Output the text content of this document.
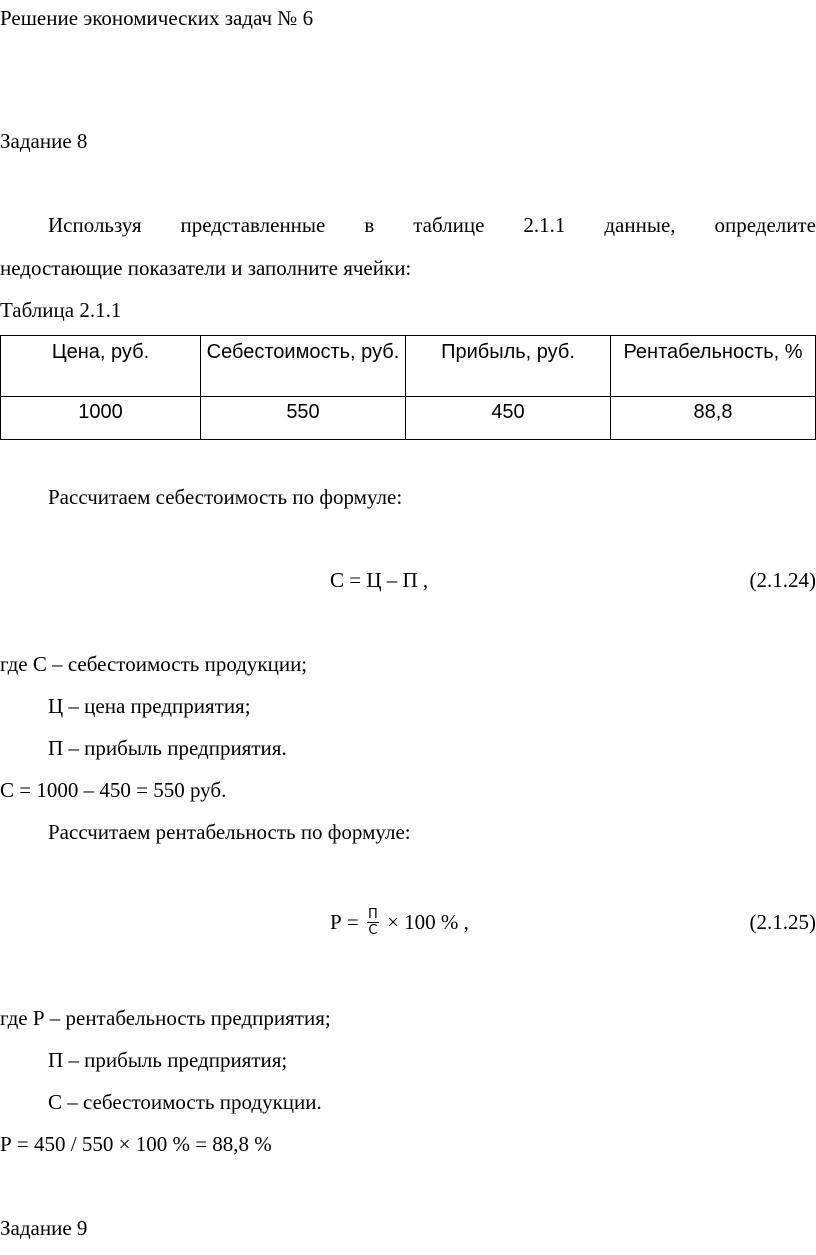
Решение экономических задач № 6
Задание 8
Используя представленные в таблице 2.1.1 данные, определите
недостающие показатели и заполните ячейки:
Таблица 2.1.1
Цена, руб.	Себестоимость, руб.	Прибыль, руб.	Рентабельность, %
1000	550	450	88,8
Рассчитаем себестоимость по формуле:
С = Ц – П ,	(2.1.24)
где С – себестоимость продукции;
Ц – цена предприятия;
П – прибыль предприятия.
С = 1000 – 450 = 550 руб.
Рассчитаем рентабельность по формуле:
$Р = \frac{П}{С} \times 100$ % ,	(2.1.25)
где Р – рентабельность предприятия;
П – прибыль предприятия;
С – себестоимость продукции.
Р = 450 / 550 × 100 % = 88,8 %
Задание 9
